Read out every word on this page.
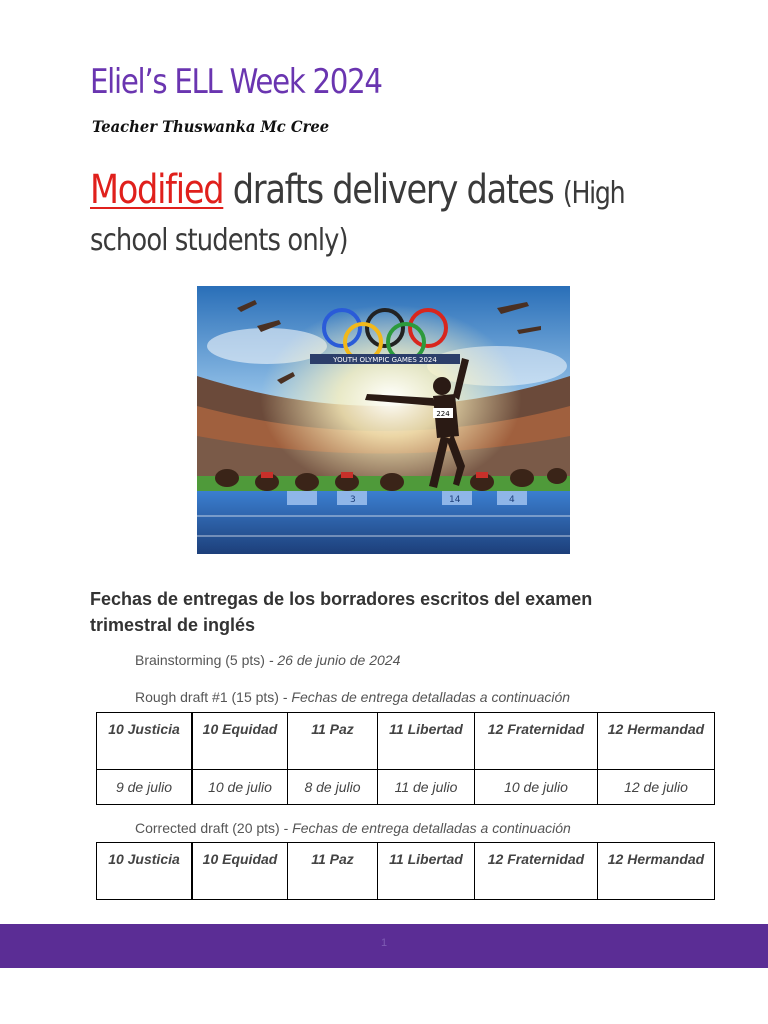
Eliel’s ELL Week 2024
Teacher Thuswanka Mc Cree
Modified drafts delivery dates (High
school students only)
YOUTH OLYMPIC GAMES 2024
3	14	4
224
Fechas de entregas de los borradores escritos del examen trimestral de inglés
Brainstorming (5 pts) - 26 de junio de 2024
Rough draft #1 (15 pts) - Fechas de entrega detalladas a continuación
10 Justicia	10 Equidad	11 Paz	11 Libertad	12 Fraternidad	12 Hermandad
9 de julio	10 de julio	8 de julio	11 de julio	10 de julio	12 de julio
Corrected draft (20 pts) - Fechas de entrega detalladas a continuación
10 Justicia	10 Equidad	11 Paz	11 Libertad	12 Fraternidad	12 Hermandad
1
